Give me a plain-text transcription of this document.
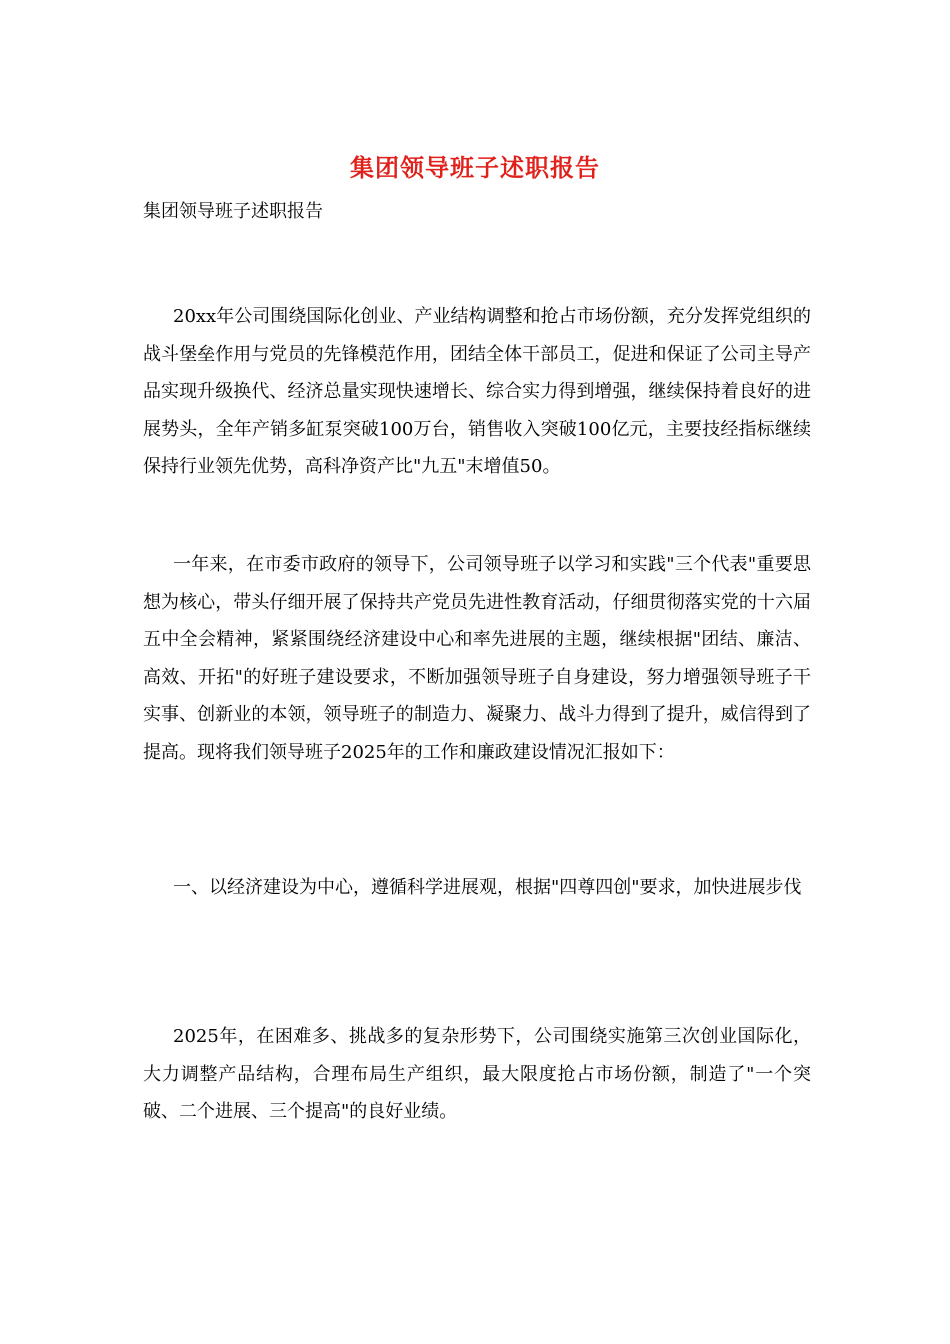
集团领导班子述职报告

集团领导班子述职报告

20xx年公司围绕国际化创业、产业结构调整和抢占市场份额，充分发挥党组织的战斗堡垒作用与党员的先锋模范作用，团结全体干部员工，促进和保证了公司主导产品实现升级换代、经济总量实现快速增长、综合实力得到增强，继续保持着良好的进展势头，全年产销多缸泵突破100万台，销售收入突破100亿元，主要技经指标继续保持行业领先优势，高科净资产比"九五"末增值50。

一年来，在市委市政府的领导下，公司领导班子以学习和实践"三个代表"重要思想为核心，带头仔细开展了保持共产党员先进性教育活动，仔细贯彻落实党的十六届五中全会精神，紧紧围绕经济建设中心和率先进展的主题，继续根据"团结、廉洁、高效、开拓"的好班子建设要求，不断加强领导班子自身建设，努力增强领导班子干实事、创新业的本领，领导班子的制造力、凝聚力、战斗力得到了提升，威信得到了提高。现将我们领导班子2025年的工作和廉政建设情况汇报如下：

一、以经济建设为中心，遵循科学进展观，根据"四尊四创"要求，加快进展步伐

2025年，在困难多、挑战多的复杂形势下，公司围绕实施第三次创业国际化，大力调整产品结构，合理布局生产组织，最大限度抢占市场份额，制造了"一个突破、二个进展、三个提高"的良好业绩。
